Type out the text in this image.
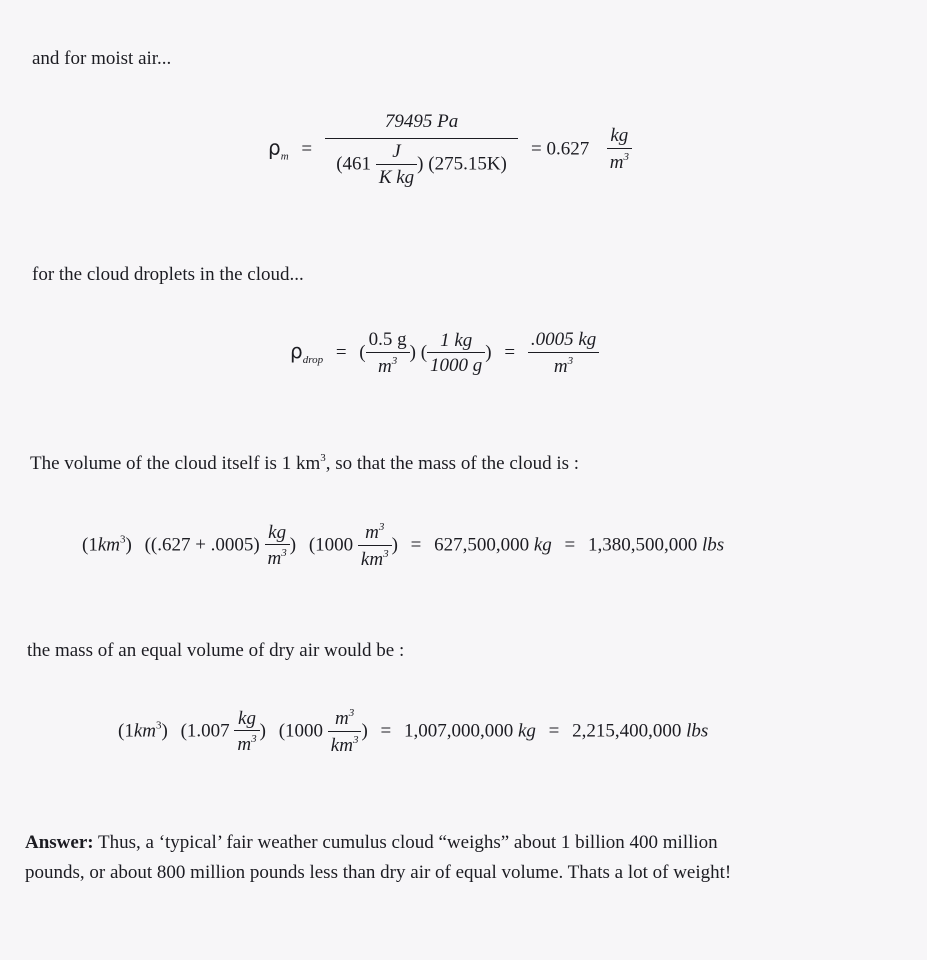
and for moist air...
$\rho_m = \frac{79495 Pa}{(461 \frac{J}{\text{K kg}} ) (275.15K)} = 0.627 \frac{kg}{m^3}$
for the cloud droplets in the cloud...
$\rho_{drop}$ = ( $\frac{0.5 g}{m^3}$ ) ( $\frac{1 kg}{1000 g}$ ) = $\frac{.0005 kg}{m^3}$
The volume of the cloud itself is 1 $km^3$, so that the mass of the cloud is :
$(1km^3) ((.627 + .0005) \frac{kg}{m^3}$ ) ($1000 \frac{m^3}{km^3}$ ) = 627,500,000 kg = 1,380,500,000 lbs
the mass of an equal volume of dry air would be :
$(1km^3)$ ($1.007 \frac{kg}{m^3}$ ) ($1000 \frac{m^3}{km^3}$ ) = 1,007,000,000 kg = 2,215,400,000 lbs
Answer: Thus, a ‘typical’ fair weather cumulus cloud “weighs” about 1 billion 400 million
pounds, or about 800 million pounds less than dry air of equal volume. Thats a lot of weight!
